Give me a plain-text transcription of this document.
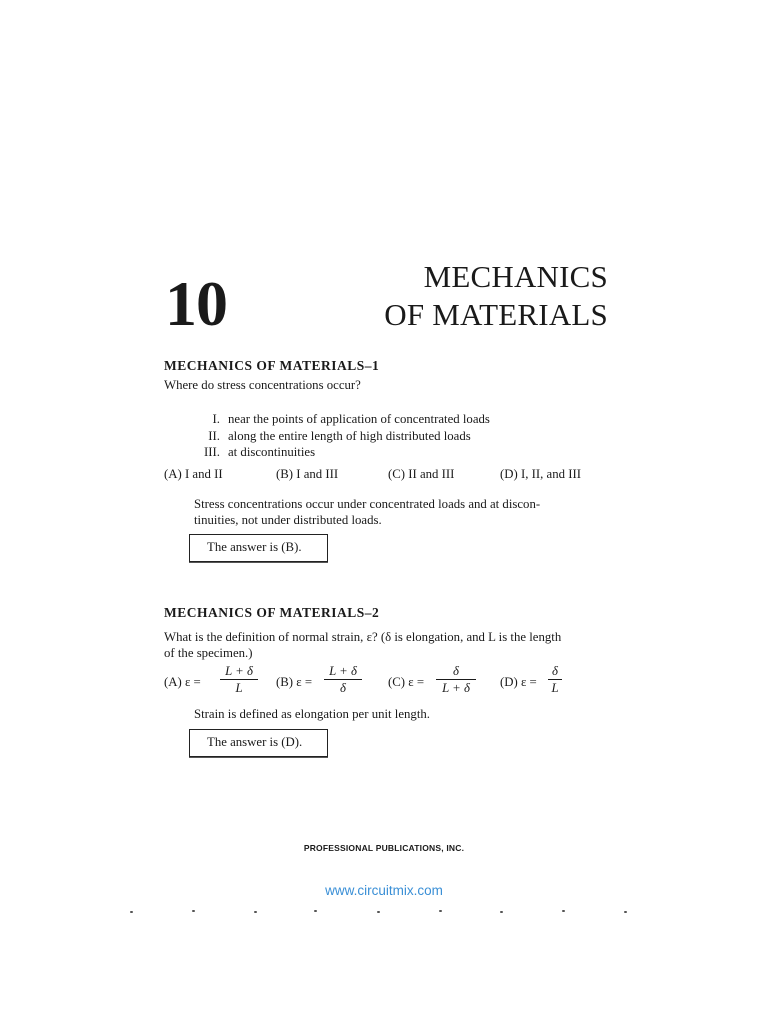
10	MECHANICS
OF MATERIALS
MECHANICS OF MATERIALS–1
Where do stress concentrations occur?
I. near the points of application of concentrated loads
II. along the entire length of high distributed loads
III. at discontinuities
(A) I and II	(B) I and III	(C) II and III	(D) I, II, and III
Stress concentrations occur under concentrated loads and at discon-
tinuities, not under distributed loads.
The answer is (B).
MECHANICS OF MATERIALS–2
What is the definition of normal strain, ε? (δ is elongation, and L is the length
of the specimen.)
(A) ε =
L + δ
L	(B) ε =
L + δ
δ	(C) ε =
δ
L + δ	(D) ε =
δ
L
Strain is defined as elongation per unit length.
The answer is (D).
PROFESSIONAL PUBLICATIONS, INC.
www.circuitmix.com
